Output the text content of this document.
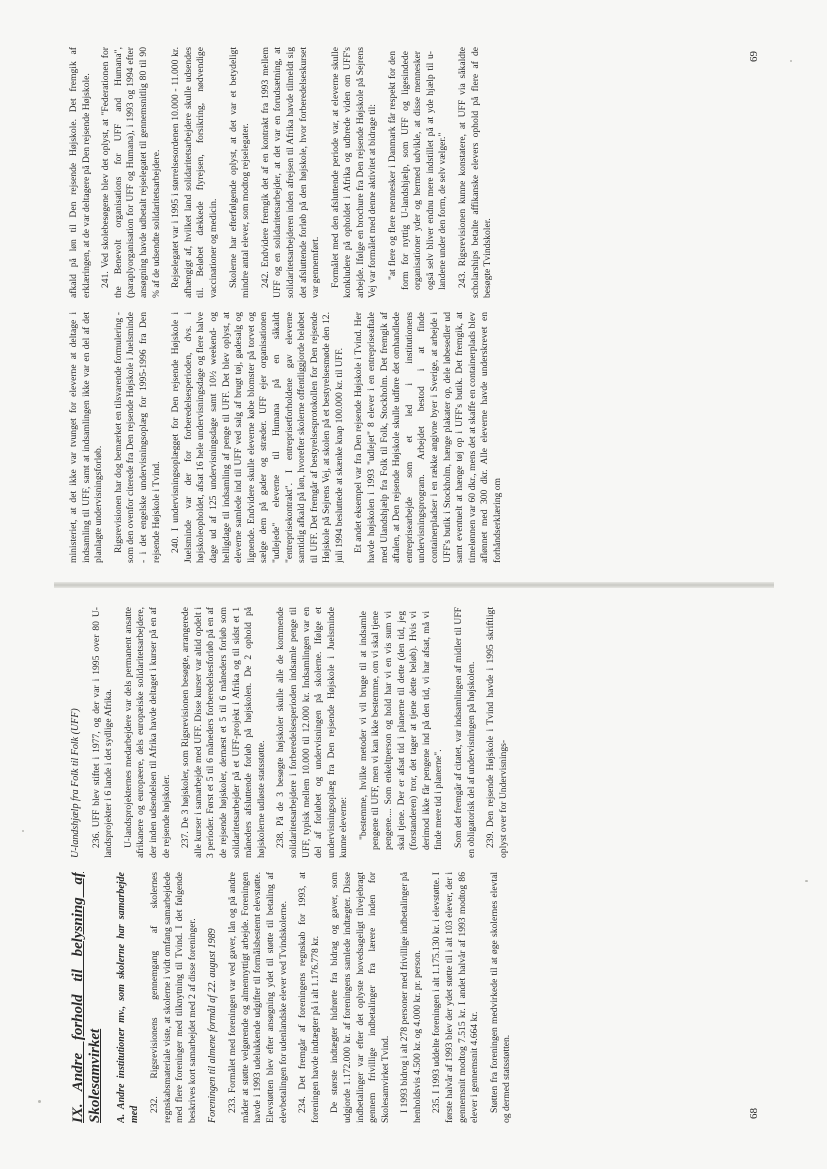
IX. Andre forhold til belysning af Skolesamvirket A. Andre institutioner mv., som skolerne har samarbejde med

232. Rigsrevisionens gennemgang af skolernes regnskabsmateriale viste, at skolerne i vidt omfang samarbejdede med flere foreninger med tilknytning til Tvind. I det følgende beskrives kort samarbejdet med 2 af disse foreninger. Foreningen til almene formål af 22. august 1989 233. Formålet med foreningen var ved gaver, lån og på andre måder at støtte velgørende og almennyttigt arbejde. Foreningen havde i 1993 udelukkende udgifter til formålsbestemt elevstøtte. Elevstøtten blev efter ansøgning ydet til støtte til betaling af elevbetalingen for udenlandske elever ved Tvindskolerne. 234. Det fremgår af foreningens regnskab for 1993, at foreningen havde indtægter på i alt 1.176.778 kr. De største indtægter hidrørte fra bidrag og gaver, som udgjorde 1.172.000 kr. af foreningens samlede indtægter. Disse indbetalinger var efter det oplyste hovedsageligt tilvejebragt gennem frivillige indbetalinger fra lærere inden for Skolesamvirket Tvind. I 1993 bidrog i alt 278 personer med frivillige indbetalinger på henholdsvis 4.500 kr. og 4.000 kr. pr. person. 235. I 1993 uddelte foreningen i alt 1.175.130 kr. i elevstøtte. I første halvår af 1993 blev der ydet støtte til i alt 103 elever, der i gennemsnit modtog 7.515 kr. I andet halvår af 1993 modtog 86 elever i gennemsnit 4.664 kr. Støtten fra foreningen medvirkede til at øge skolernes elevtal og dermed statsstøtten.

U-landshjælp fra Folk til Folk (UFF) 236. UFF blev stiftet i 1977, og der var i 1995 over 80 U-landsprojekter i 6 lande i det sydlige Afrika. U-landsprojekternes medarbejdere var dels permanent ansatte afrikanere og europæere, dels europæiske solidaritetsarbejdere, der inden udsendelsen til Afrika havde deltaget i kurser på en af de rejsende højskoler. 237. De 3 højskoler, som Rigsrevisionen besøgte, arrangerede alle kurser i samarbejde med UFF. Disse kurser var altid opdelt i 3 perioder. Først et 5 til 6 måneders forberedelsesforløb på en af de rejsende højskoler, dernæst et 5 til 6 måneders forløb som solidaritetsarbejder på et UFF-projekt i Afrika og til sidst et 1 måneders afsluttende forløb på højskolen. De 2 ophold på højskolerne udløste statsstøtte. 238. På de 3 besøgte højskoler skulle alle de kommende solidaritetsarbejdere i forberedelsesperioden indsamle penge til UFF, typisk mellem 10.000 til 12.000 kr. Indsamlingen var en del af forløbet og undervisningen på skolerne. Ifølge et undervisningsoplæg fra Den rejsende Højskole i Juelsminde kunne eleverne: "bestemme, hvilke metoder vi vil bruge til at indsamle pengene til UFF, men vi kan ikke bestemme, om vi skal tjene pengene.... Som enkeltperson og hold har vi en vis sum vi skal tjene. Der er afsat tid i planerne til dette (den tid, jeg (forstanderen) tror, det tager at tjene dette beløb). Hvis vi derimod ikke får pengene ind på den tid, vi har afsat, må vi finde mere tid i planerne". Som det fremgår af citatet, var indsamlingen af midler til UFF en obligatorisk del af undervisningen på højskolen. 239. Den rejsende Højskole i Tvind havde i 1995 skriftligt oplyst over for Undervisnings-

68

ministeriet, at det ikke var tvunget for eleverne at deltage i indsamling til UFF, samt at indsamlingen ikke var en del af det planlagte undervisningsforløb. Rigsrevisionen har dog bemærket en tilsvarende formulering - som den ovenfor citerede fra Den rejsende Højskole i Juelsminde - i det engelske undervisningsoplæg for 1995-1996 fra Den rejsende Højskole i Tvind. 240. I undervisningsoplægget for Den rejsende Højskole i Juelsminde var der for forberedelsesperioden, dvs. i højskoleopholdet, afsat 16 hele undervisningsdage og flere halve dage ud af 125 undervisningsdage samt 10½ weekend- og helligdage til indsamling af penge til UFF. Det blev oplyst, at eleverne samlede ind til UFF ved salg af brugt tøj, gadesalg og lignende. Endvidere skulle eleverne købe blomster på torvet og sælge dem på gader og stræder. UFF ejer organisationen "udlejede" eleverne til Humana på en såkaldt "entreprisekontrakt". I entreprisetforholdene gav eleverne samtidig afkald på løn, hvorefter skolerne offentliggjorde beløbet til UFF. Det fremgår af bestyrelsesprotokollen for Den rejsende Højskole på Sejrens Vej, at skolen på et bestyrelsesmøde den 12. juli 1994 besluttede at skænke knap 100.000 kr. til UFF. Et andet eksempel var fra Den rejsende Højskole i Tvind. Her havde højskolen i 1993 "udlejet" 8 elever i en entrepriseaftale med Ulandshjælp fra Folk til Folk, Stockholm. Det fremgik af aftalen, at Den rejsende Højskole skulle udføre det omhandlede entreprisearbejde som et led i institutionens undervisningsprogram. Arbejdet bestod i at finde containerpladser i en række angivne byer i Sverige, at arbejde i UFF's butik i Stockholm, hænge plakater op, dele løbesedler ud samt eventuelt at hænge tøj op i UFF's butik. Det fremgik, at timelønnen var 60 dkr., mens det at skaffe en containerplads blev aflønnet med 300 dkr. Alle eleverne havde underskrevet en forhåndserklæring om

afkald på løn til Den rejsende Højskole. Det fremgik af erklæringen, at de var deltagere på Den rejsende Højskole. 241. Ved skolebesøgene blev det oplyst, at "Federationen for the Benevolt organisations for UFF and Humana", (paraplyorganisation for UFF og Humana), i 1993 og 1994 efter ansøgning havde udbetalt rejselegatet til gennemsnitlig 80 til 90 % af de udsendte solidaritetsarbejdere. Rejselegatet var i 1995 i størrelsesordenen 10.000 - 11.000 kr. afhængigt af, hvilket land solidaritetsarbejdere skulle udsendes til. Beløbet dækkede flyrejsen, forsikring, nødvendige vaccinationer og medicin. Skolerne har efterfølgende oplyst, at det var et betydeligt mindre antal elever, som modtog rejselegater. 242. Endvidere fremgik det af en kontrakt fra 1993 mellem UFF og en solidaritetsarbejder, at det var en forudsætning, at solidaritetsarbejderen inden afrejsen til Afrika havde tilmeldt sig det afsluttende forløb på den højskole, hvor forberedelseskurset var gennemført. Formålet med den afsluttende periode var, at eleverne skulle konkludere på opholdet i Afrika og udbrede viden om UFF's arbejde. Ifølge en brochure fra Den rejsende Højskole på Sejrens Vej var formålet med denne aktivitet at bidrage til: "at flere og flere mennesker i Danmark får respekt for den form for nyttig U-landshjælp, som UFF og ligesindede organisationer yder og hermed udvikle, at disse mennesker også selv bliver endnu mere indstillet på at yde hjælp til u-landene under den form, de selv vælger." 243. Rigsrevisionen kunne konstatere, at UFF via såkaldte scholarships betalte affikanske elevers ophold på flere af de besøgte Tvindskoler.

69
